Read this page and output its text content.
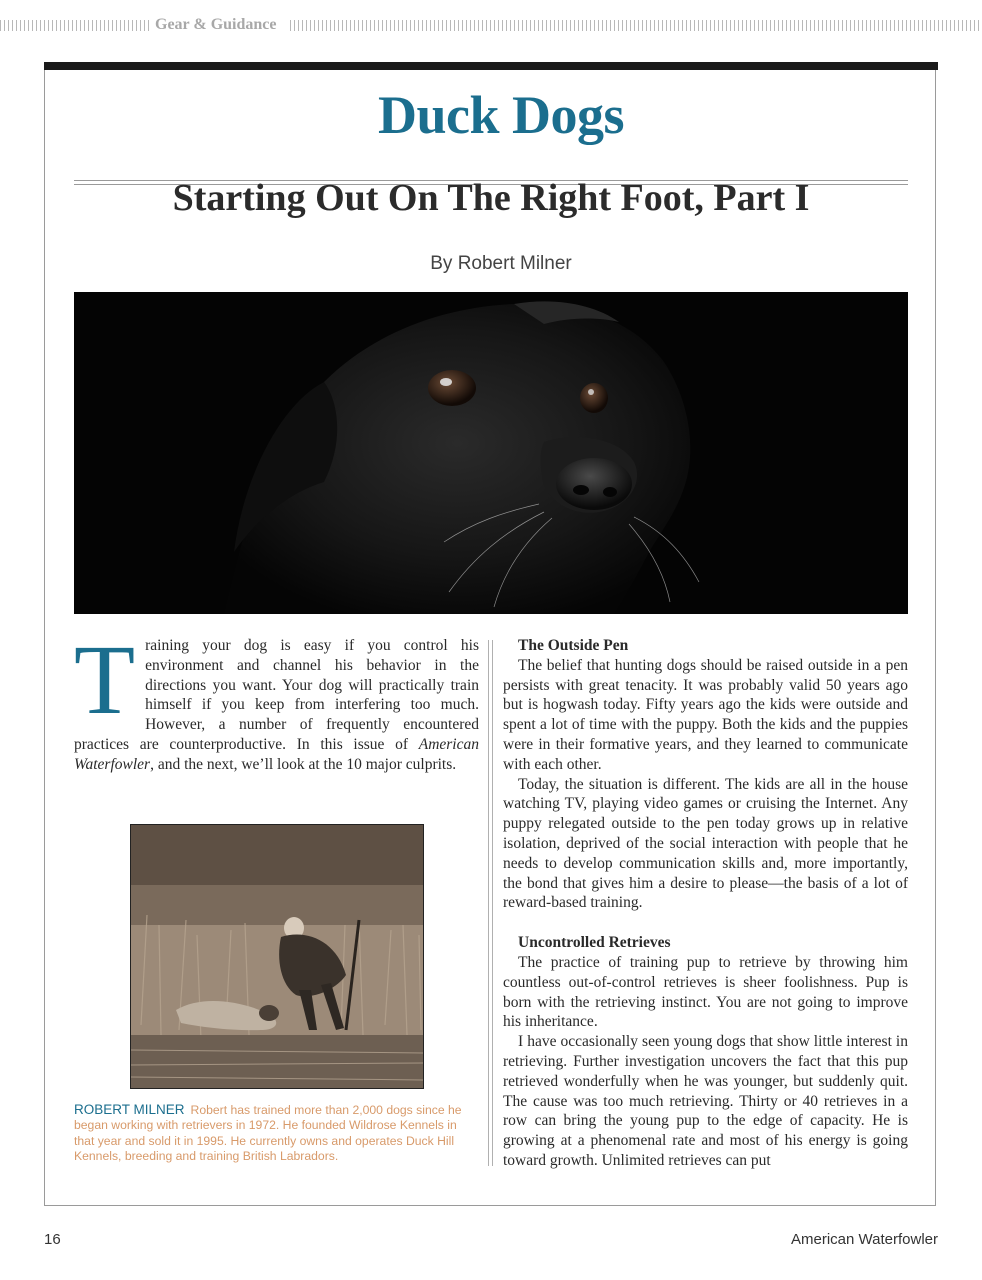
Gear & Guidance
Duck Dogs
Starting Out On The Right Foot, Part I
By Robert Milner

Training your dog is easy if you control his environment and channel his behavior in the directions you want. Your dog will practically train himself if you keep from interfering too much. However, a number of frequently encountered practices are counterproductive. In this issue of American Waterfowler, and the next, we’ll look at the 10 major culprits.

ROBERT MILNER Robert has trained more than 2,000 dogs since he began working with retrievers in 1972. He founded Wildrose Kennels in that year and sold it in 1995. He currently owns and operates Duck Hill Kennels, breeding and training British Labradors.

The Outside Pen

The belief that hunting dogs should be raised outside in a pen persists with great tenacity. It was probably valid 50 years ago but is hogwash today. Fifty years ago the kids were outside and spent a lot of time with the puppy. Both the kids and the puppies were in their formative years, and they learned to communicate with each other.

Today, the situation is different. The kids are all in the house watching TV, playing video games or cruising the Internet. Any puppy relegated outside to the pen today grows up in relative isolation, deprived of the social interaction with people that he needs to develop communication skills and, more importantly, the bond that gives him a desire to please—the basis of a lot of reward-based training.

Uncontrolled Retrieves

The practice of training pup to retrieve by throwing him countless out-of-control retrieves is sheer foolishness. Pup is born with the retrieving instinct. You are not going to improve his inheritance.

I have occasionally seen young dogs that show little interest in retrieving. Further investigation uncovers the fact that this pup retrieved wonderfully when he was younger, but suddenly quit. The cause was too much retrieving. Thirty or 40 retrieves in a row can bring the young pup to the edge of capacity. He is growing at a phenomenal rate and most of his energy is going toward growth. Unlimited retrieves can put

16	American Waterfowler
